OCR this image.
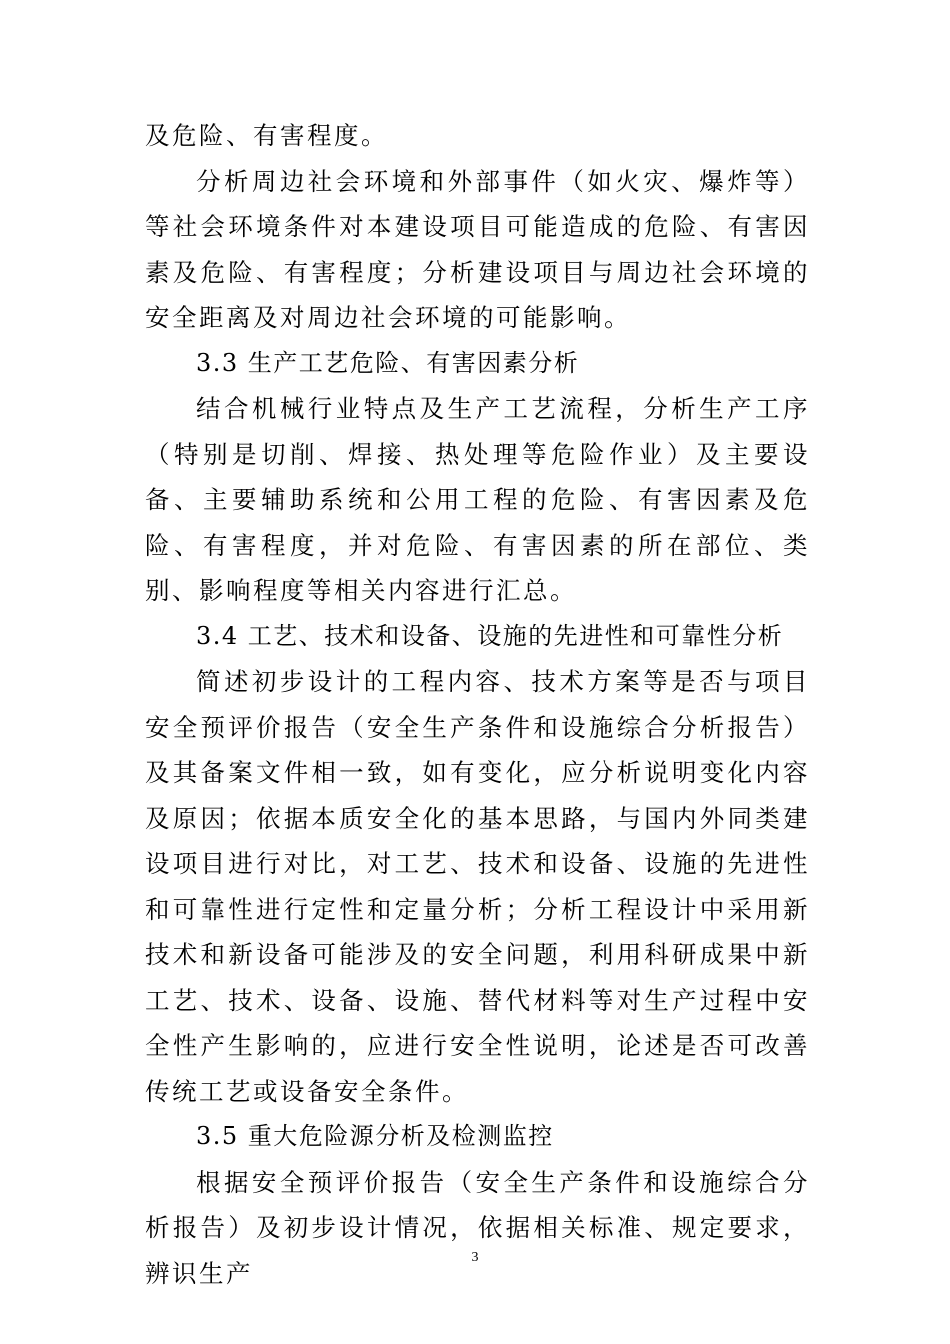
及危险、有害程度。

分析周边社会环境和外部事件（如火灾、爆炸等）等社会环境条件对本建设项目可能造成的危险、有害因素及危险、有害程度；分析建设项目与周边社会环境的安全距离及对周边社会环境的可能影响。

3.3 生产工艺危险、有害因素分析

结合机械行业特点及生产工艺流程，分析生产工序（特别是切削、焊接、热处理等危险作业）及主要设备、主要辅助系统和公用工程的危险、有害因素及危险、有害程度，并对危险、有害因素的所在部位、类别、影响程度等相关内容进行汇总。

3.4 工艺、技术和设备、设施的先进性和可靠性分析

简述初步设计的工程内容、技术方案等是否与项目安全预评价报告（安全生产条件和设施综合分析报告）及其备案文件相一致，如有变化，应分析说明变化内容及原因；依据本质安全化的基本思路，与国内外同类建设项目进行对比，对工艺、技术和设备、设施的先进性和可靠性进行定性和定量分析；分析工程设计中采用新技术和新设备可能涉及的安全问题，利用科研成果中新工艺、技术、设备、设施、替代材料等对生产过程中安全性产生影响的，应进行安全性说明，论述是否可改善传统工艺或设备安全条件。

3.5 重大危险源分析及检测监控

根据安全预评价报告（安全生产条件和设施综合分析报告）及初步设计情况，依据相关标准、规定要求，辨识生产

3
